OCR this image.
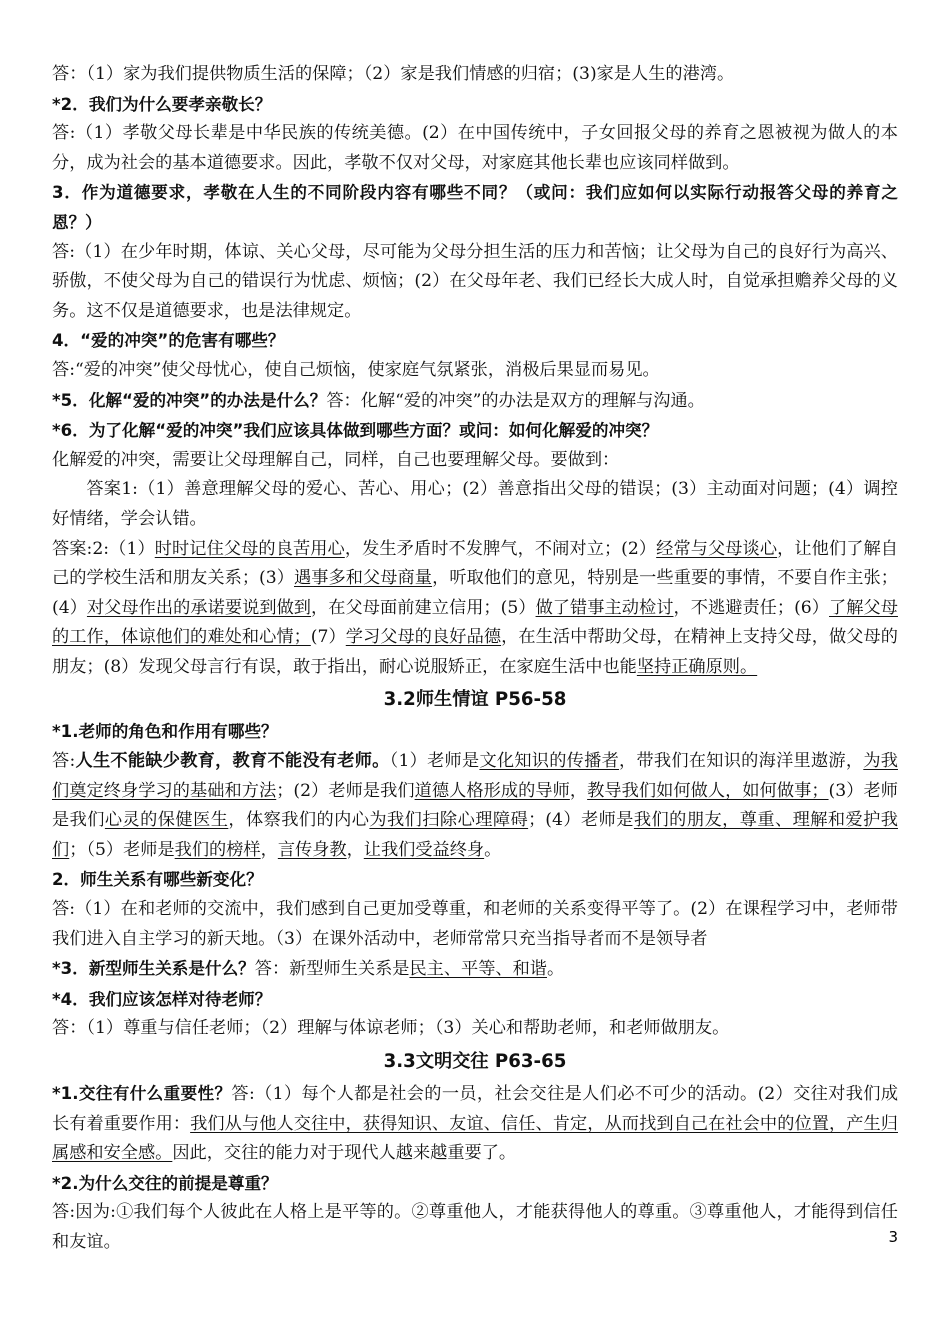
答：（1）家为我们提供物质生活的保障；（2）家是我们情感的归宿；(3)家是人生的港湾。

*2．我们为什么要孝亲敬长？

答:（1）孝敬父母长辈是中华民族的传统美德。(2）在中国传统中，子女回报父母的养育之恩被视为做人的本分，成为社会的基本道德要求。因此，孝敬不仅对父母，对家庭其他长辈也应该同样做到。

3．作为道德要求，孝敬在人生的不同阶段内容有哪些不同？（或问：我们应如何以实际行动报答父母的养育之恩？）

答:（1）在少年时期，体谅、关心父母，尽可能为父母分担生活的压力和苦恼；让父母为自己的良好行为高兴、骄傲，不使父母为自己的错误行为忧虑、烦恼；(2）在父母年老、我们已经长大成人时，自觉承担赡养父母的义务。这不仅是道德要求，也是法律规定。

4．“爱的冲突”的危害有哪些？

答:“爱的冲突”使父母忧心，使自己烦恼，使家庭气氛紧张，消极后果显而易见。

*5．化解“爱的冲突”的办法是什么？答：化解“爱的冲突”的办法是双方的理解与沟通。

*6．为了化解“爱的冲突”我们应该具体做到哪些方面？或问：如何化解爱的冲突？

化解爱的冲突，需要让父母理解自己，同样，自己也要理解父母。要做到：

答案1:（1）善意理解父母的爱心、苦心、用心；(2）善意指出父母的错误；(3）主动面对问题；(4）调控好情绪，学会认错。

答案:2:（1）时时记住父母的良苦用心，发生矛盾时不发脾气，不闹对立；(2）经常与父母谈心，让他们了解自己的学校生活和朋友关系；(3）遇事多和父母商量，听取他们的意见，特别是一些重要的事情，不要自作主张；(4）对父母作出的承诺要说到做到，在父母面前建立信用；(5）做了错事主动检讨，不逃避责任；(6）了解父母的工作，体谅他们的难处和心情；(7）学习父母的良好品德，在生活中帮助父母，在精神上支持父母，做父母的朋友；(8）发现父母言行有误，敢于指出，耐心说服矫正，在家庭生活中也能坚持正确原则。

3.2师生情谊 P56-58

*1.老师的角色和作用有哪些？

答:人生不能缺少教育，教育不能没有老师。（1）老师是文化知识的传播者，带我们在知识的海洋里遨游，为我们奠定终身学习的基础和方法；(2）老师是我们道德人格形成的导师，教导我们如何做人，如何做事；(3）老师是我们心灵的保健医生，体察我们的内心为我们扫除心理障碍；(4）老师是我们的朋友，尊重、理解和爱护我们；（5）老师是我们的榜样，言传身教，让我们受益终身。

2．师生关系有哪些新变化？

答:（1）在和老师的交流中，我们感到自己更加受尊重，和老师的关系变得平等了。(2）在课程学习中，老师带我们进入自主学习的新天地。（3）在课外活动中，老师常常只充当指导者而不是领导者

*3．新型师生关系是什么？答：新型师生关系是民主、平等、和谐。

*4．我们应该怎样对待老师？

答：（1）尊重与信任老师；（2）理解与体谅老师；（3）关心和帮助老师，和老师做朋友。

3.3文明交往 P63-65

*1.交往有什么重要性？答:（1）每个人都是社会的一员，社会交往是人们必不可少的活动。(2）交往对我们成长有着重要作用：我们从与他人交往中，获得知识、友谊、信任、肯定，从而找到自己在社会中的位置，产生归属感和安全感。因此，交往的能力对于现代人越来越重要了。

*2.为什么交往的前提是尊重？

答:因为:①我们每个人彼此在人格上是平等的。②尊重他人，才能获得他人的尊重。③尊重他人，才能得到信任和友谊。	3
